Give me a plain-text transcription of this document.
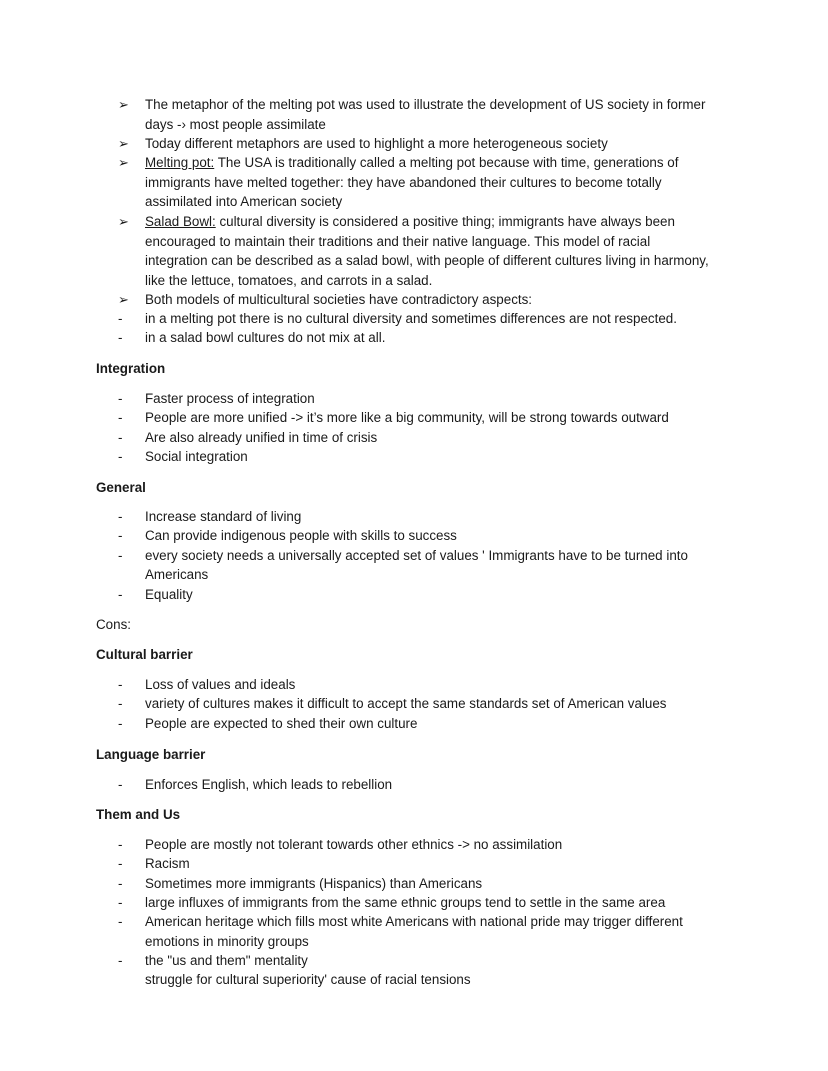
➢	The metaphor of the melting pot was used to illustrate the development of US society in former
days -› most people assimilate
➢	Today different metaphors are used to highlight a more heterogeneous society
➢	Melting pot: The USA is traditionally called a melting pot because with time, generations of
immigrants have melted together: they have abandoned their cultures to become totally
assimilated into American society
➢	Salad Bowl: cultural diversity is considered a positive thing; immigrants have always been
encouraged to maintain their traditions and their native language. This model of racial
integration can be described as a salad bowl, with people of different cultures living in harmony,
like the lettuce, tomatoes, and carrots in a salad.
➢	Both models of multicultural societies have contradictory aspects:
-	in a melting pot there is no cultural diversity and sometimes differences are not respected.
-	in a salad bowl cultures do not mix at all.
Integration
-	Faster process of integration
-	People are more unified -> it’s more like a big community, will be strong towards outward
-	Are also already unified in time of crisis
-	Social integration
General
-	Increase standard of living
-	Can provide indigenous people with skills to success
-	every society needs a universally accepted set of values ' Immigrants have to be turned into
Americans
-	Equality
Cons:
Cultural barrier
-	Loss of values and ideals
-	variety of cultures makes it difficult to accept the same standards set of American values
-	People are expected to shed their own culture
Language barrier
-	Enforces English, which leads to rebellion
Them and Us
-	People are mostly not tolerant towards other ethnics -> no assimilation
-	Racism
-	Sometimes more immigrants (Hispanics) than Americans
-	large influxes of immigrants from the same ethnic groups tend to settle in the same area
-	American heritage which fills most white Americans with national pride may trigger different
emotions in minority groups
-	the "us and them" mentality
struggle for cultural superiority' cause of racial tensions
